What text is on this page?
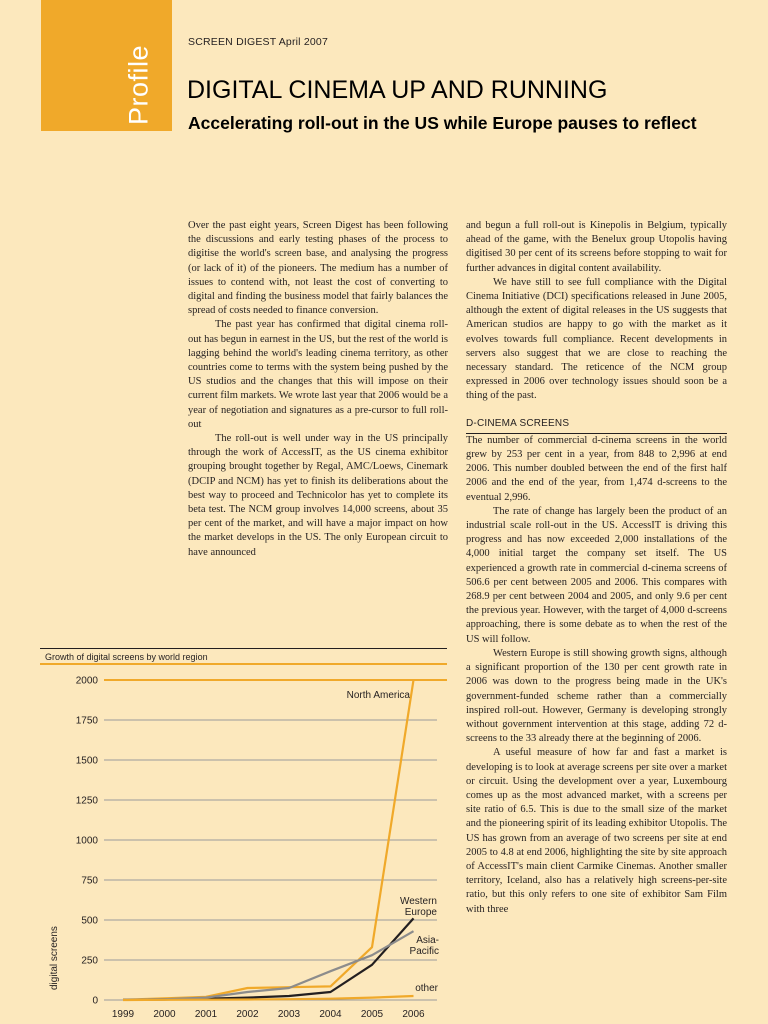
Profile
SCREEN DIGEST April 2007
DIGITAL CINEMA UP AND RUNNING
Accelerating roll-out in the US while Europe pauses to reflect

Over the past eight years, Screen Digest has been following the discussions and early testing phases of the process to digitise the world's screen base, and analysing the progress (or lack of it) of the pioneers. The medium has a number of issues to contend with, not least the cost of converting to digital and finding the business model that fairly balances the spread of costs needed to finance conversion.

The past year has confirmed that digital cinema roll-out has begun in earnest in the US, but the rest of the world is lagging behind the world's leading cinema territory, as other countries come to terms with the system being pushed by the US studios and the changes that this will impose on their current film markets. We wrote last year that 2006 would be a year of negotiation and signatures as a pre-cursor to full roll-out

The roll-out is well under way in the US principally through the work of AccessIT, as the US cinema exhibitor grouping brought together by Regal, AMC/Loews, Cinemark (DCIP and NCM) has yet to finish its deliberations about the best way to proceed and Technicolor has yet to complete its beta test. The NCM group involves 14,000 screens, about 35 per cent of the market, and will have a major impact on how the market develops in the US. The only European circuit to have announced

and begun a full roll-out is Kinepolis in Belgium, typically ahead of the game, with the Benelux group Utopolis having digitised 30 per cent of its screens before stopping to wait for further advances in digital content availability.

We have still to see full compliance with the Digital Cinema Initiative (DCI) specifications released in June 2005, although the extent of digital releases in the US suggests that American studios are happy to go with the market as it evolves towards full compliance. Recent developments in servers also suggest that we are close to reaching the necessary standard. The reticence of the NCM group expressed in 2006 over technology issues should soon be a thing of the past.

D-CINEMA SCREENS

The number of commercial d-cinema screens in the world grew by 253 per cent in a year, from 848 to 2,996 at end 2006. This number doubled between the end of the first half 2006 and the end of the year, from 1,474 d-screens to the eventual 2,996.

The rate of change has largely been the product of an industrial scale roll-out in the US. AccessIT is driving this progress and has now exceeded 2,000 installations of the 4,000 initial target the company set itself. The US experienced a growth rate in commercial d-cinema screens of 506.6 per cent between 2005 and 2006. This compares with 268.9 per cent between 2004 and 2005, and only 9.6 per cent the previous year. However, with the target of 4,000 d-screens approaching, there is some debate as to when the rest of the US will follow.

Western Europe is still showing growth signs, although a significant proportion of the 130 per cent growth rate in 2006 was down to the progress being made in the UK's government-funded scheme rather than a commercially inspired roll-out. However, Germany is developing strongly without government intervention at this stage, adding 72 d-screens to the 33 already there at the beginning of 2006.

A useful measure of how far and fast a market is developing is to look at average screens per site over a market or circuit. Using the development over a year, Luxembourg comes up as the most advanced market, with a screens per site ratio of 6.5. This is due to the small size of the market and the pioneering spirit of its leading exhibitor Utopolis. The US has grown from an average of two screens per site at end 2005 to 4.8 at end 2006, highlighting the site by site approach of AccessIT's main client Carmike Cinemas. Another smaller territory, Iceland, also has a relatively high screens-per-site ratio, but this only refers to one site of exhibitor Sam Film with three

0
250
500
750
1000
1250
1500
1750
2000
1999 2000 2001 2002 2003 2004 2005 2006
digital screens
North America
Western
Europe
Asia-
Pacific
other
Growth of digital screens by world region
